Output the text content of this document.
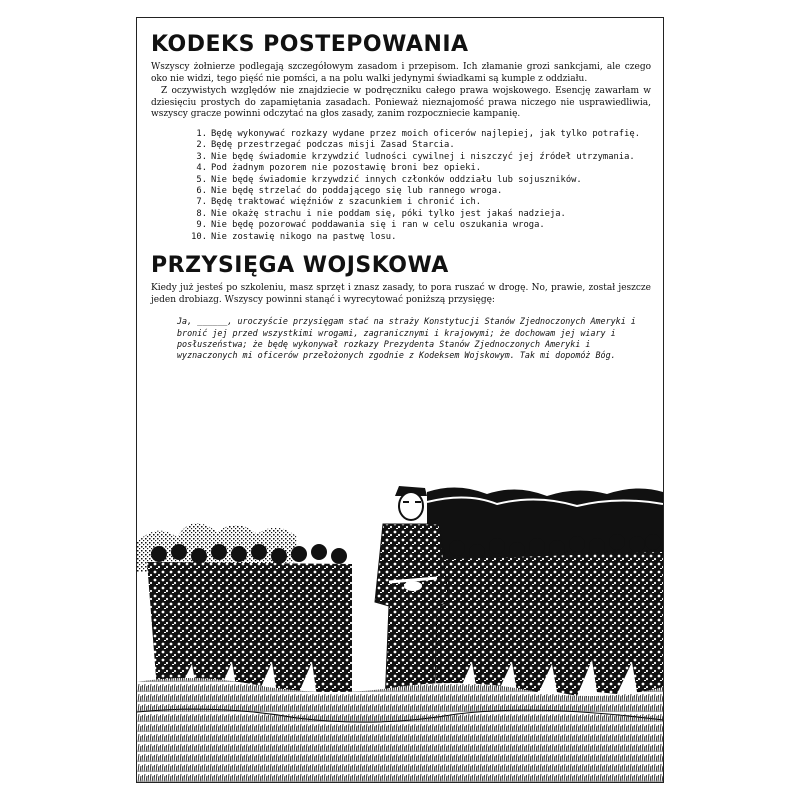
KODEKS POSTEPOWANIA

Wszyscy żołnierze podlegają szczegółowym zasadom i przepisom. Ich złamanie grozi sankcjami, ale czego oko nie widzi, tego pięść nie pomści, a na polu walki jedynymi świadkami są kumple z oddziału.

Z oczywistych względów nie znajdziecie w podręczniku całego prawa wojskowego. Esencję zawarłam w dziesięciu prostych do zapamiętania zasadach. Ponieważ nieznajomość prawa niczego nie usprawiedliwia, wszyscy gracze powinni odczytać na głos zasady, zanim rozpoczniecie kampanię.

1. Będę wykonywać rozkazy wydane przez moich oficerów najlepiej, jak tylko potrafię.
2. Będę przestrzegać podczas misji Zasad Starcia.
3. Nie będę świadomie krzywdzić ludności cywilnej i niszczyć jej źródeł utrzymania.
4. Pod żadnym pozorem nie pozostawię broni bez opieki.
5. Nie będę świadomie krzywdzić innych członków oddziału lub sojuszników.
6. Nie będę strzelać do poddającego się lub rannego wroga.
7. Będę traktować więźniów z szacunkiem i chronić ich.
8. Nie okażę strachu i nie poddam się, póki tylko jest jakaś nadzieja.
9. Nie będę pozorować poddawania się i ran w celu oszukania wroga.
10. Nie zostawię nikogo na pastwę losu.
PRZYSIĘGA WOJSKOWA

Kiedy już jesteś po szkoleniu, masz sprzęt i znasz zasady, to pora ruszać w drogę. No, prawie, został jeszcze jeden drobiazg. Wszyscy powinni stanąć i wyrecytować poniższą przysięgę:

Ja, ______, uroczyście przysięgam stać na straży Konstytucji Stanów Zjednoczonych Ameryki i bronić jej przed wszystkimi wrogami, zagranicznymi i krajowymi; że dochowam jej wiary i posłuszeństwa; że będę wykonywał rozkazy Prezydenta Stanów Zjednoczonych Ameryki i wyznaczonych mi oficerów przełożonych zgodnie z Kodeksem Wojskowym. Tak mi dopomóż Bóg.
